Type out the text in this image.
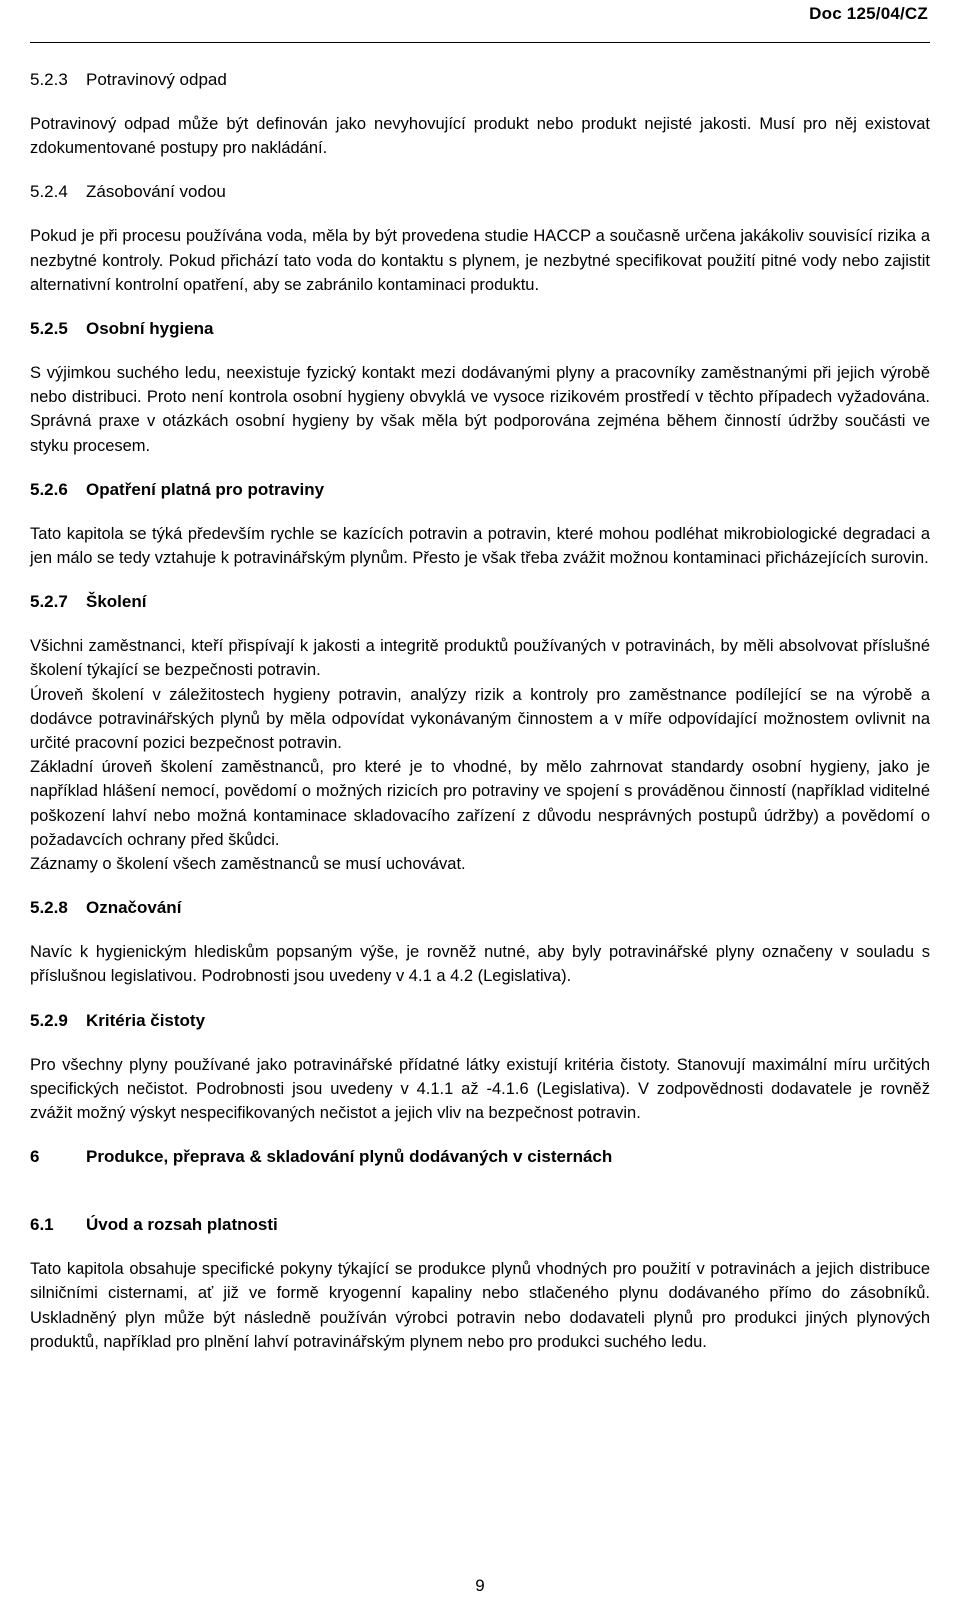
Doc 125/04/CZ
5.2.3	Potravinový odpad

Potravinový odpad může být definován jako nevyhovující produkt nebo produkt nejisté jakosti. Musí pro něj existovat zdokumentované postupy pro nakládání.

5.2.4	Zásobování vodou

Pokud je při procesu používána voda, měla by být provedena studie HACCP a současně určena jakákoliv souvisící rizika a nezbytné kontroly. Pokud přichází tato voda do kontaktu s plynem, je nezbytné specifikovat použití pitné vody nebo zajistit alternativní kontrolní opatření, aby se zabránilo kontaminaci produktu.

5.2.5	Osobní hygiena

S výjimkou suchého ledu, neexistuje fyzický kontakt mezi dodávanými plyny a pracovníky zaměstnanými při jejich výrobě nebo distribuci. Proto není kontrola osobní hygieny obvyklá ve vysoce rizikovém prostředí v těchto případech vyžadována. Správná praxe v otázkách osobní hygieny by však měla být podporována zejména během činností údržby součásti ve styku procesem.

5.2.6	Opatření platná pro potraviny

Tato kapitola se týká především rychle se kazících potravin a potravin, které mohou podléhat mikrobiologické degradaci a jen málo se tedy vztahuje k potravinářským plynům. Přesto je však třeba zvážit možnou kontaminaci přicházejících surovin.

5.2.7	Školení

Všichni zaměstnanci, kteří přispívají k jakosti a integritě produktů používaných v potravinách, by měli absolvovat příslušné školení týkající se bezpečnosti potravin.

Úroveň školení v záležitostech hygieny potravin, analýzy rizik a kontroly pro zaměstnance podílející se na výrobě a dodávce potravinářských plynů by měla odpovídat vykonávaným činnostem a v míře odpovídající možnostem ovlivnit na určité pracovní pozici bezpečnost potravin.

Základní úroveň školení zaměstnanců, pro které je to vhodné, by mělo zahrnovat standardy osobní hygieny, jako je například hlášení nemocí, povědomí o možných rizicích pro potraviny ve spojení s prováděnou činností (například viditelné poškození lahví nebo možná kontaminace skladovacího zařízení z důvodu nesprávných postupů údržby) a povědomí o požadavcích ochrany před škůdci.

Záznamy o školení všech zaměstnanců se musí uchovávat.

5.2.8	Označování

Navíc k hygienickým hlediskům popsaným výše, je rovněž nutné, aby byly potravinářské plyny označeny v souladu s příslušnou legislativou. Podrobnosti jsou uvedeny v 4.1 a 4.2 (Legislativa).

5.2.9	Kritéria čistoty

Pro všechny plyny používané jako potravinářské přídatné látky existují kritéria čistoty. Stanovují maximální míru určitých specifických nečistot. Podrobnosti jsou uvedeny v 4.1.1 až -4.1.6 (Legislativa). V zodpovědnosti dodavatele je rovněž zvážit možný výskyt nespecifikovaných nečistot a jejich vliv na bezpečnost potravin.

6	Produkce, přeprava & skladování plynů dodávaných v cisternách
6.1	Úvod a rozsah platnosti

Tato kapitola obsahuje specifické pokyny týkající se produkce plynů vhodných pro použití v potravinách a jejich distribuce silničními cisternami, ať již ve formě kryogenní kapaliny nebo stlačeného plynu dodávaného přímo do zásobníků. Uskladněný plyn může být následně používán výrobci potravin nebo dodavateli plynů pro produkci jiných plynových produktů, například pro plnění lahví potravinářským plynem nebo pro produkci suchého ledu.

9
